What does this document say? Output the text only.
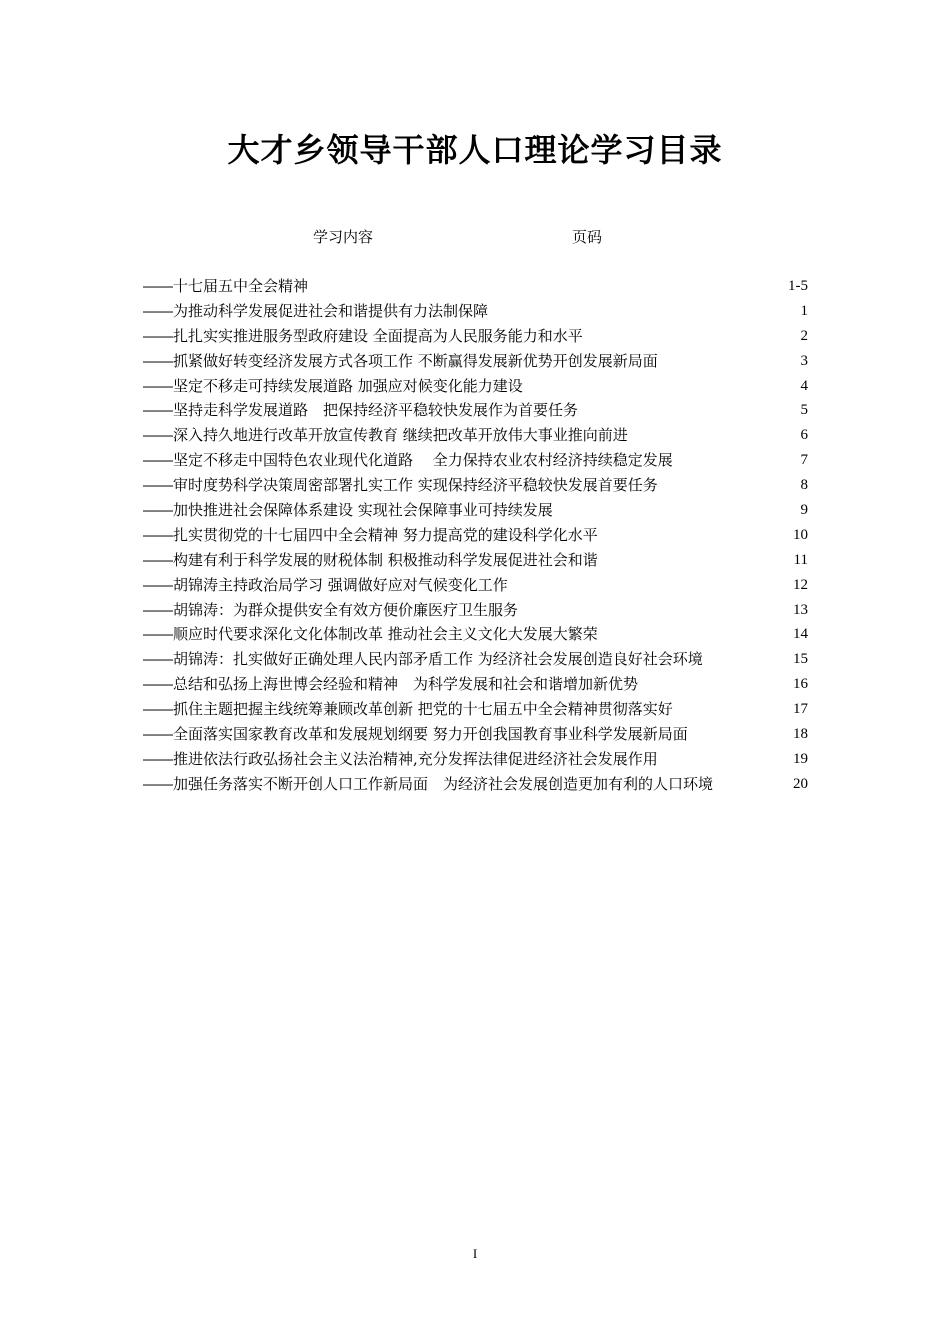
大才乡领导干部人口理论学习目录
学习内容	页码
――十七届五中全会精神	1-5
――为推动科学发展促进社会和谐提供有力法制保障	1
――扎扎实实推进服务型政府建设 全面提高为人民服务能力和水平	2
――抓紧做好转变经济发展方式各项工作 不断赢得发展新优势开创发展新局面	3
――坚定不移走可持续发展道路 加强应对候变化能力建设	4
――坚持走科学发展道路　把保持经济平稳较快发展作为首要任务	5
――深入持久地进行改革开放宣传教育 继续把改革开放伟大事业推向前进	6
――坚定不移走中国特色农业现代化道路　 全力保持农业农村经济持续稳定发展	7
――审时度势科学决策周密部署扎实工作 实现保持经济平稳较快发展首要任务	8
――加快推进社会保障体系建设 实现社会保障事业可持续发展	9
――扎实贯彻党的十七届四中全会精神 努力提高党的建设科学化水平	10
――构建有利于科学发展的财税体制 积极推动科学发展促进社会和谐	11
――胡锦涛主持政治局学习 强调做好应对气候变化工作	12
――胡锦涛：为群众提供安全有效方便价廉医疗卫生服务	13
――顺应时代要求深化文化体制改革 推动社会主义文化大发展大繁荣	14
――胡锦涛：扎实做好正确处理人民内部矛盾工作 为经济社会发展创造良好社会环境	15
――总结和弘扬上海世博会经验和精神　为科学发展和社会和谐增加新优势	16
――抓住主题把握主线统筹兼顾改革创新 把党的十七届五中全会精神贯彻落实好	17
――全面落实国家教育改革和发展规划纲要 努力开创我国教育事业科学发展新局面	18
――推进依法行政弘扬社会主义法治精神,充分发挥法律促进经济社会发展作用	19
――加强任务落实不断开创人口工作新局面　为经济社会发展创造更加有利的人口环境	20
I
